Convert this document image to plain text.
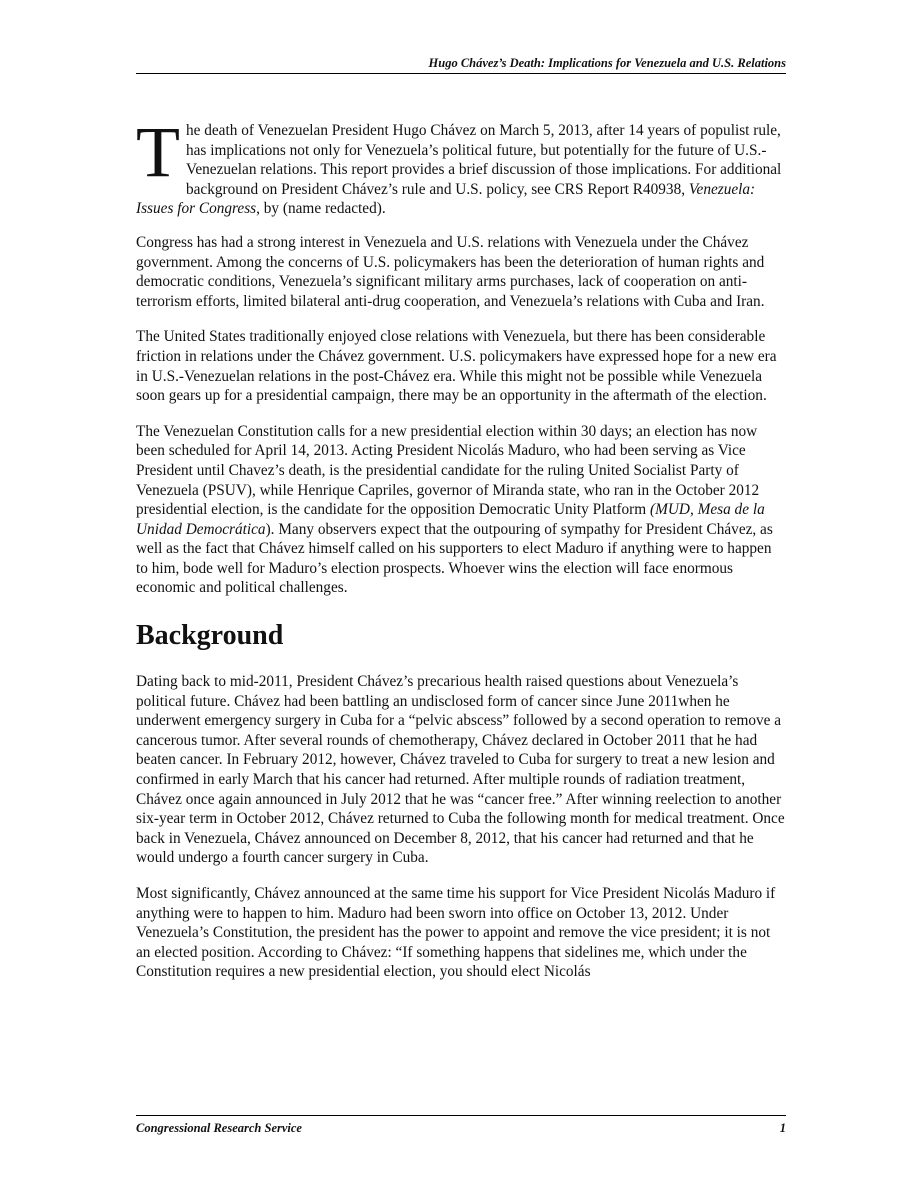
Hugo Chávez’s Death: Implications for Venezuela and U.S. Relations

The death of Venezuelan President Hugo Chávez on March 5, 2013, after 14 years of populist rule, has implications not only for Venezuela’s political future, but potentially for the future of U.S.-Venezuelan relations. This report provides a brief discussion of those implications. For additional background on President Chávez’s rule and U.S. policy, see CRS Report R40938, Venezuela: Issues for Congress, by (name redacted).

Congress has had a strong interest in Venezuela and U.S. relations with Venezuela under the Chávez government. Among the concerns of U.S. policymakers has been the deterioration of human rights and democratic conditions, Venezuela’s significant military arms purchases, lack of cooperation on anti-terrorism efforts, limited bilateral anti-drug cooperation, and Venezuela’s relations with Cuba and Iran.

The United States traditionally enjoyed close relations with Venezuela, but there has been considerable friction in relations under the Chávez government. U.S. policymakers have expressed hope for a new era in U.S.-Venezuelan relations in the post-Chávez era. While this might not be possible while Venezuela soon gears up for a presidential campaign, there may be an opportunity in the aftermath of the election.

The Venezuelan Constitution calls for a new presidential election within 30 days; an election has now been scheduled for April 14, 2013. Acting President Nicolás Maduro, who had been serving as Vice President until Chavez’s death, is the presidential candidate for the ruling United Socialist Party of Venezuela (PSUV), while Henrique Capriles, governor of Miranda state, who ran in the October 2012 presidential election, is the candidate for the opposition Democratic Unity Platform (MUD, Mesa de la Unidad Democrática). Many observers expect that the outpouring of sympathy for President Chávez, as well as the fact that Chávez himself called on his supporters to elect Maduro if anything were to happen to him, bode well for Maduro’s election prospects. Whoever wins the election will face enormous economic and political challenges.

Background

Dating back to mid-2011, President Chávez’s precarious health raised questions about Venezuela’s political future. Chávez had been battling an undisclosed form of cancer since June 2011when he underwent emergency surgery in Cuba for a “pelvic abscess” followed by a second operation to remove a cancerous tumor. After several rounds of chemotherapy, Chávez declared in October 2011 that he had beaten cancer. In February 2012, however, Chávez traveled to Cuba for surgery to treat a new lesion and confirmed in early March that his cancer had returned. After multiple rounds of radiation treatment, Chávez once again announced in July 2012 that he was “cancer free.” After winning reelection to another six-year term in October 2012, Chávez returned to Cuba the following month for medical treatment. Once back in Venezuela, Chávez announced on December 8, 2012, that his cancer had returned and that he would undergo a fourth cancer surgery in Cuba.

Most significantly, Chávez announced at the same time his support for Vice President Nicolás Maduro if anything were to happen to him. Maduro had been sworn into office on October 13, 2012. Under Venezuela’s Constitution, the president has the power to appoint and remove the vice president; it is not an elected position. According to Chávez: “If something happens that sidelines me, which under the Constitution requires a new presidential election, you should elect Nicolás

Congressional Research Service	1
